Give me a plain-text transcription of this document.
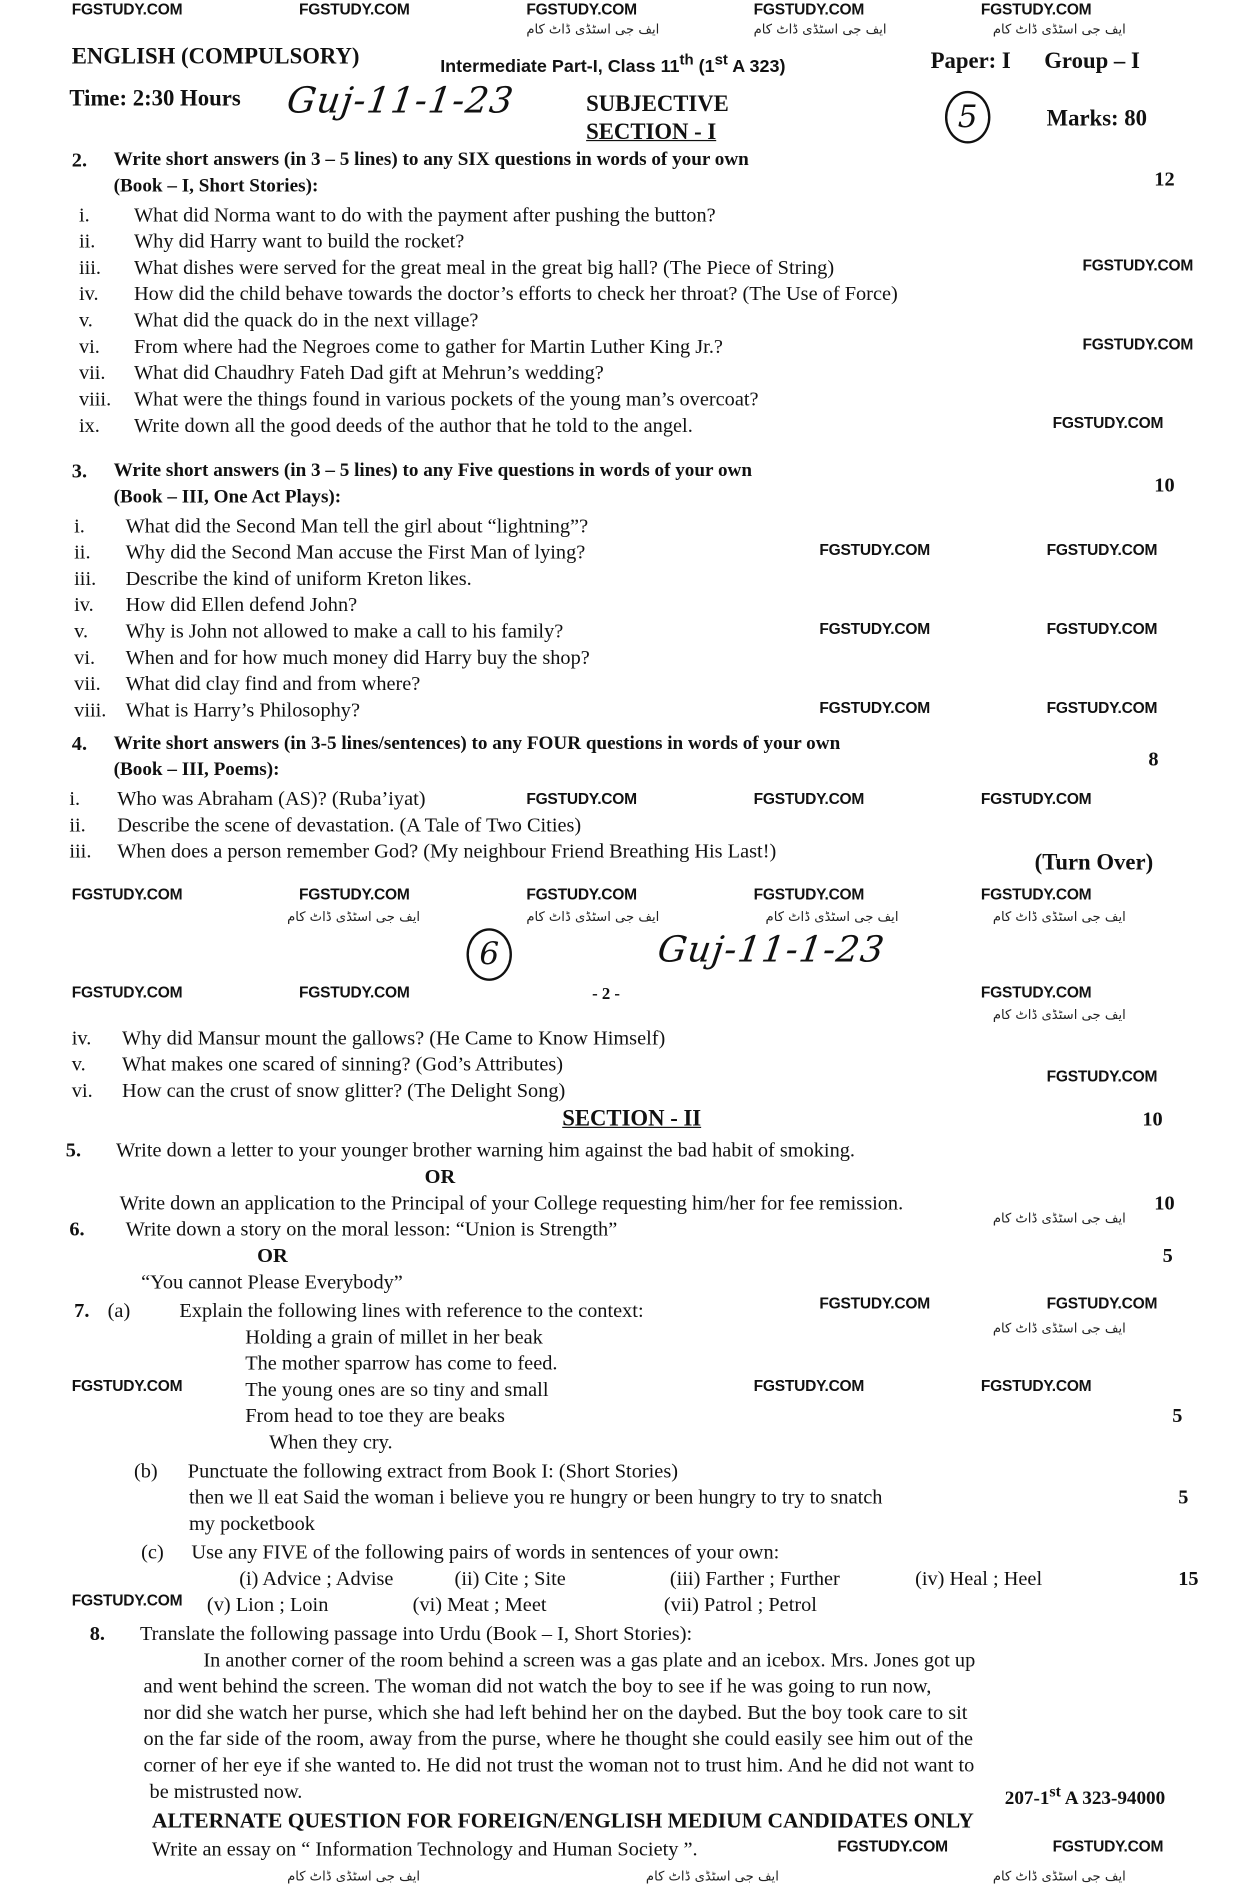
FGSTUDY.COM	FGSTUDY.COM	FGSTUDY.COM	FGSTUDY.COM	FGSTUDY.COM
FGSTUDY.COM
FGSTUDY.COM
FGSTUDY.COM
FGSTUDY.COM	FGSTUDY.COM
FGSTUDY.COM	FGSTUDY.COM
FGSTUDY.COM	FGSTUDY.COM
FGSTUDY.COM	FGSTUDY.COM	FGSTUDY.COM
FGSTUDY.COM	FGSTUDY.COM	FGSTUDY.COM	FGSTUDY.COM	FGSTUDY.COM
FGSTUDY.COM	FGSTUDY.COM	FGSTUDY.COM
FGSTUDY.COM
FGSTUDY.COM	FGSTUDY.COM
FGSTUDY.COM	FGSTUDY.COM	FGSTUDY.COM
FGSTUDY.COM
FGSTUDY.COM	FGSTUDY.COM
ایف جی اسٹڈی ڈاٹ کام	ایف جی اسٹڈی ڈاٹ کام	ایف جی اسٹڈی ڈاٹ کام
ایف جی اسٹڈی ڈاٹ کام	ایف جی اسٹڈی ڈاٹ کام	ایف جی اسٹڈی ڈاٹ کام	ایف جی اسٹڈی ڈاٹ کام
ایف جی اسٹڈی ڈاٹ کام
ایف جی اسٹڈی ڈاٹ کام
ایف جی اسٹڈی ڈاٹ کام
ایف جی اسٹڈی ڈاٹ کام	ایف جی اسٹڈی ڈاٹ کام	ایف جی اسٹڈی ڈاٹ کام
ENGLISH (COMPULSORY)	Intermediate Part-I, Class 11th (1st A 323)	Paper: I Group – I
Time: 2:30 Hours Guj-11-1-23	SUBJECTIVE	5	Marks: 80
SECTION - I
2. Write short answers (in 3 – 5 lines) to any SIX questions in words of your own
(Book – I, Short Stories):	12
i.	What did Norma want to do with the payment after pushing the button?
ii. Why did Harry want to build the rocket?
iii. What dishes were served for the great meal in the great big hall? (The Piece of String)
iv. How did the child behave towards the doctor’s efforts to check her throat? (The Use of Force)
v. What did the quack do in the next village?
vi. From where had the Negroes come to gather for Martin Luther King Jr.?
vii. What did Chaudhry Fateh Dad gift at Mehrun’s wedding?
viii. What were the things found in various pockets of the young man’s overcoat?
ix. Write down all the good deeds of the author that he told to the angel.
3. Write short answers (in 3 – 5 lines) to any Five questions in words of your own
(Book – III, One Act Plays):
10
i. What did the Second Man tell the girl about “lightning”?
ii. Why did the Second Man accuse the First Man of lying?
iii. Describe the kind of uniform Kreton likes.
iv. How did Ellen defend John?
v. Why is John not allowed to make a call to his family?
vi. When and for how much money did Harry buy the shop?
vii. What did clay find and from where?
viii. What is Harry’s Philosophy?
4. Write short answers (in 3-5 lines/sentences) to any FOUR questions in words of your own
(Book – III, Poems):	8
i. Who was Abraham (AS)? (Ruba’iyat)
ii. Describe the scene of devastation. (A Tale of Two Cities)
iii. When does a person remember God? (My neighbour Friend Breathing His Last!)	(Turn Over)
6	Guj-11-1-23
- 2 -
iv. Why did Mansur mount the gallows? (He Came to Know Himself)
v. What makes one scared of sinning? (God’s Attributes)
vi. How can the crust of snow glitter? (The Delight Song)
SECTION - II	10
5. Write down a letter to your younger brother warning him against the bad habit of smoking.
OR
Write down an application to the Principal of your College requesting him/her for fee remission.	10
6. Write down a story on the moral lesson: “Union is Strength”
OR
“You cannot Please Everybody”
5
7. (a)	Explain the following lines with reference to the context:
Holding a grain of millet in her beak
The mother sparrow has come to feed.
The young ones are so tiny and small
From head to toe they are beaks
When they cry.
5
(b) Punctuate the following extract from Book I: (Short Stories)
then we ll eat Said the woman i believe you re hungry or been hungry to try to snatch
my pocketbook
5
(c) Use any FIVE of the following pairs of words in sentences of your own:
(i) Advice ; Advise	(ii) Cite ; Site	(iii) Farther ; Further	(iv) Heal ; Heel
(v) Lion ; Loin	(vi) Meat ; Meet	(vii) Patrol ; Petrol
15
8. Translate the following passage into Urdu (Book – I, Short Stories):
In another corner of the room behind a screen was a gas plate and an icebox. Mrs. Jones got up
and went behind the screen. The woman did not watch the boy to see if he was going to run now,
nor did she watch her purse, which she had left behind her on the daybed. But the boy took care to sit
on the far side of the room, away from the purse, where he thought she could easily see him out of the
corner of her eye if she wanted to. He did not trust the woman not to trust him. And he did not want to
be mistrusted now.
ALTERNATE QUESTION FOR FOREIGN/ENGLISH MEDIUM CANDIDATES ONLY
Write an essay on “ Information Technology and Human Society ”.
207-1st A 323-94000
